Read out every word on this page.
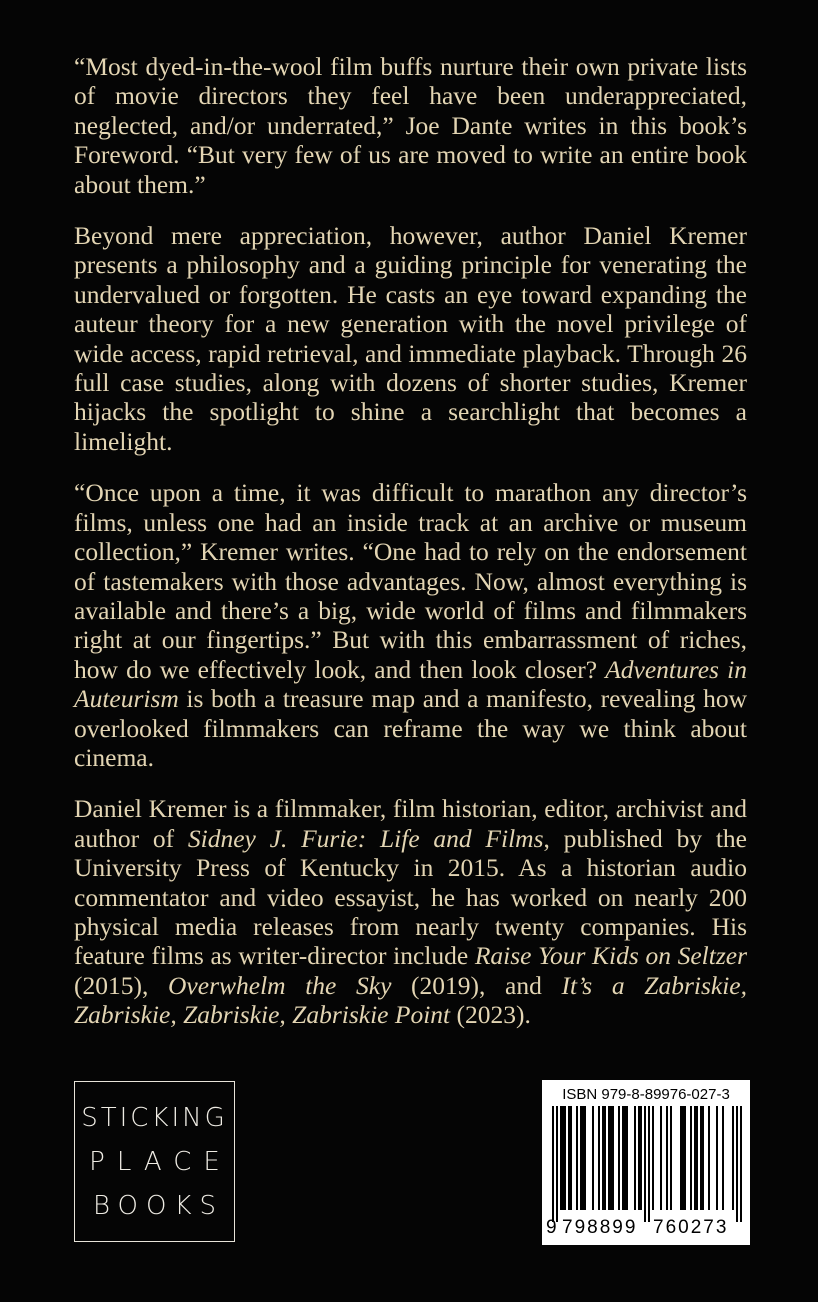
“Most dyed-in-the-wool film buffs nurture their own private lists of movie directors they feel have been underappreciated, neglected, and/or underrated,” Joe Dante writes in this book’s Foreword. “But very few of us are moved to write an entire book about them.”

Beyond mere appreciation, however, author Daniel Kremer presents a philosophy and a guiding principle for venerating the undervalued or forgotten. He casts an eye toward expanding the auteur theory for a new generation with the novel privilege of wide access, rapid retrieval, and immediate playback. Through 26 full case studies, along with dozens of shorter studies, Kremer hijacks the spotlight to shine a searchlight that becomes a limelight.

“Once upon a time, it was difficult to marathon any director’s films, unless one had an inside track at an archive or museum collection,” Kremer writes. “One had to rely on the endorsement of tastemakers with those advantages. Now, almost everything is available and there’s a big, wide world of films and filmmakers right at our fingertips.” But with this embarrassment of riches, how do we effectively look, and then look closer? Adventures in Auteurism is both a treasure map and a manifesto, revealing how overlooked filmmakers can reframe the way we think about cinema.

Daniel Kremer is a filmmaker, film historian, editor, archivist and author of Sidney J. Furie: Life and Films, published by the University Press of Kentucky in 2015. As a historian audio commentator and video essayist, he has worked on nearly 200 physical media releases from nearly twenty companies. His feature films as writer-director include Raise Your Kids on Seltzer (2015), Overwhelm the Sky (2019), and It’s a Zabriskie, Zabriskie, Zabriskie, Zabriskie Point (2023).

STICKING
PLACE
BOOKS
ISBN 979-8-89976-027-3
9 798899 760273
